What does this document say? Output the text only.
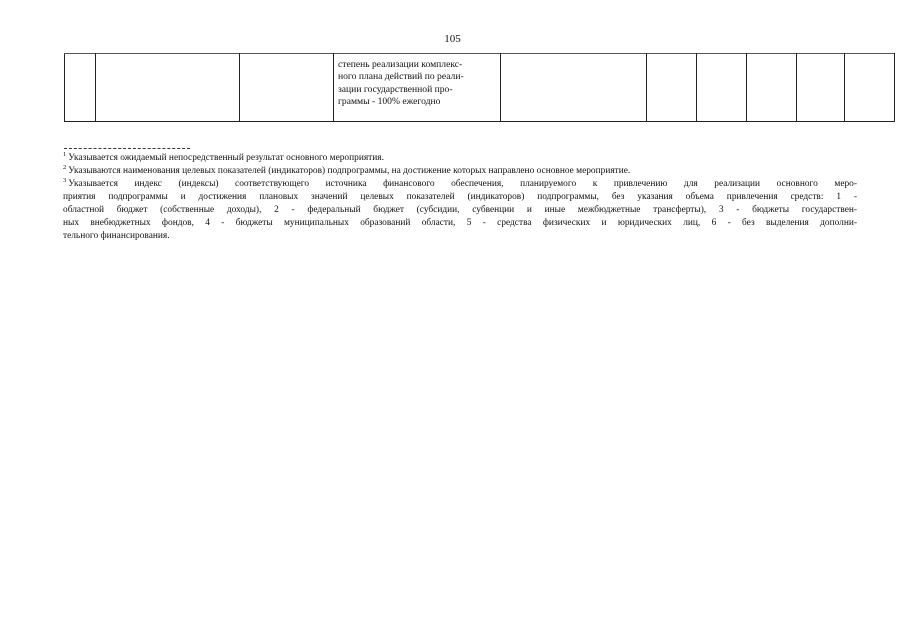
105

степень реализации комплекс-
ного плана действий по реали-
зации государственной про-
граммы - 100% ежегодно

$^1$ Указывается ожидаемый непосредственный результат основного мероприятия.

$^2$ Указываются наименования целевых показателей (индикаторов) подпрограммы, на достижение которых направлено основное мероприятие.

$^3$ Указывается индекс (индексы) соответствующего источника финансового обеспечения, планируемого к привлечению для реализации основного меро-
приятия подпрограммы и достижения плановых значений целевых показателей (индикаторов) подпрограммы, без указания объема привлечения средств: 1 -
областной бюджет (собственные доходы), 2 - федеральный бюджет (субсидии, субвенции и иные межбюджетные трансферты), 3 - бюджеты государствен-
ных внебюджетных фондов, 4 - бюджеты муниципальных образований области, 5 - средства физических и юридических лиц, 6 - без выделения дополни-
тельного финансирования.
